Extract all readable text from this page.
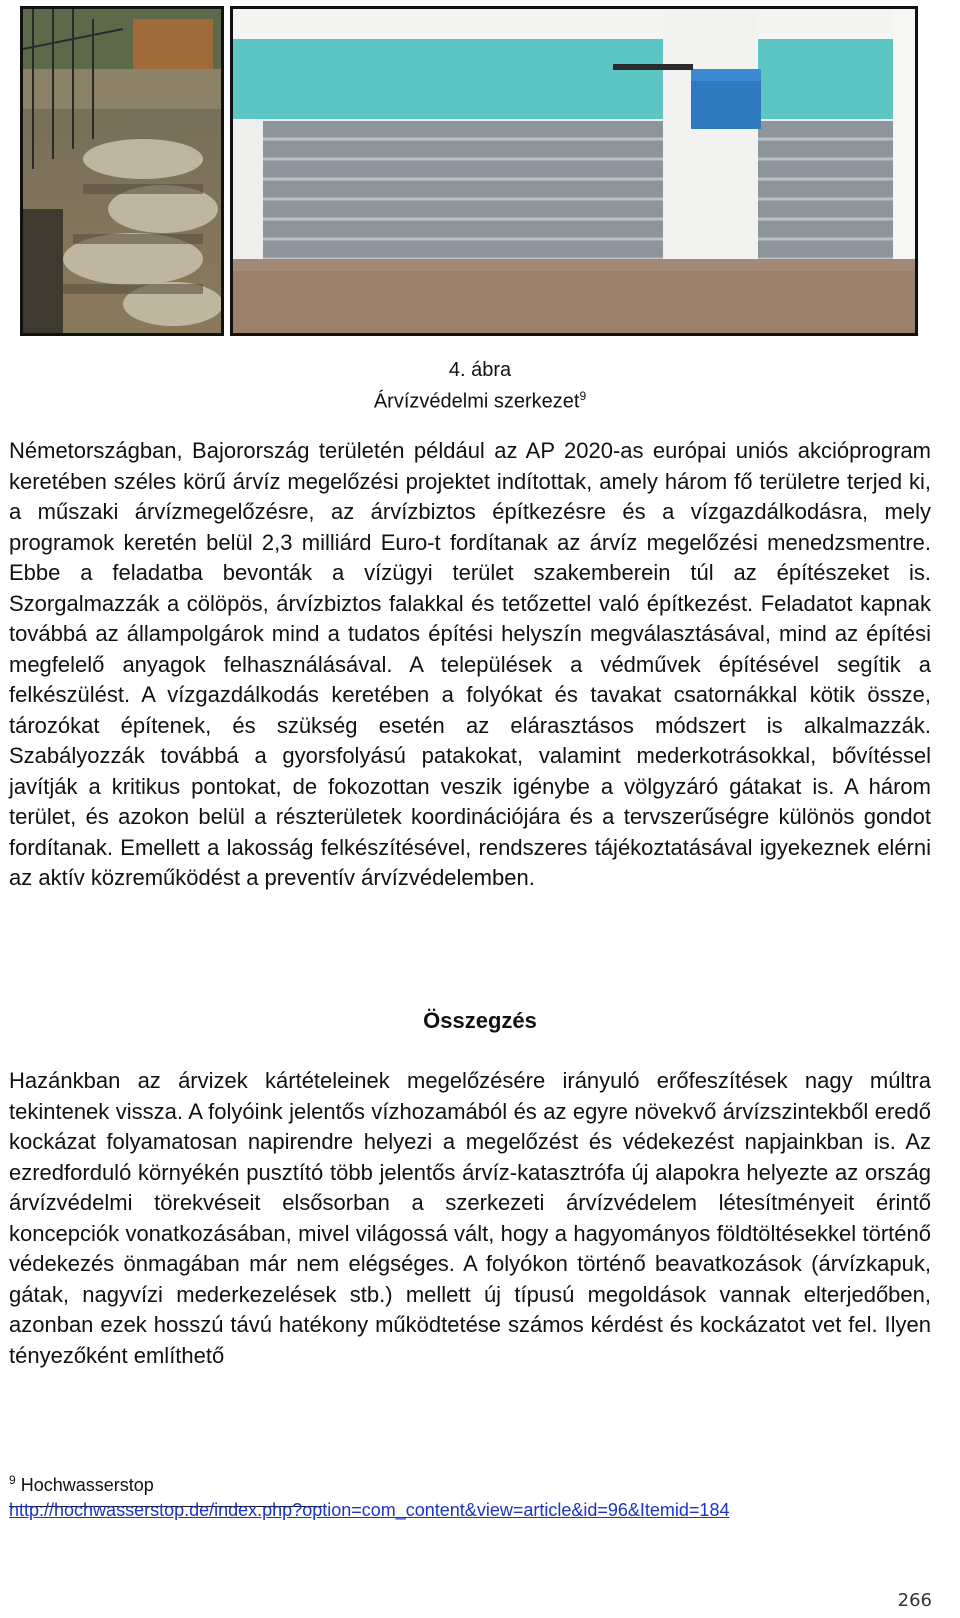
4. ábra
Árvízvédelmi szerkezet$^9$

Németországban, Bajorország területén például az AP 2020-as európai uniós akcióprogram keretében széles körű árvíz megelőzési projektet indítottak, amely három fő területre terjed ki, a műszaki árvízmegelőzésre, az árvízbiztos építkezésre és a vízgazdálkodásra, mely programok keretén belül 2,3 milliárd Euro-t fordítanak az árvíz megelőzési menedzsmentre. Ebbe a feladatba bevonták a vízügyi terület szakemberein túl az építészeket is. Szorgalmazzák a cölöpös, árvízbiztos falakkal és tetőzettel való építkezést. Feladatot kapnak továbbá az állampolgárok mind a tudatos építési helyszín megválasztásával, mind az építési megfelelő anyagok felhasználásával. A települések a védművek építésével segítik a felkészülést. A vízgazdálkodás keretében a folyókat és tavakat csatornákkal kötik össze, tározókat építenek, és szükség esetén az elárasztásos módszert is alkalmazzák. Szabályozzák továbbá a gyorsfolyású patakokat, valamint mederkotrásokkal, bővítéssel javítják a kritikus pontokat, de fokozottan veszik igénybe a völgyzáró gátakat is. A három terület, és azokon belül a részterületek koordinációjára és a tervszerűségre különös gondot fordítanak. Emellett a lakosság felkészítésével, rendszeres tájékoztatásával igyekeznek elérni az aktív közreműködést a preventív árvízvédelemben.

Összegzés

Hazánkban az árvizek kártételeinek megelőzésére irányuló erőfeszítések nagy múltra tekintenek vissza. A folyóink jelentős vízhozamából és az egyre növekvő árvízszintekből eredő kockázat folyamatosan napirendre helyezi a megelőzést és védekezést napjainkban is. Az ezredforduló környékén pusztító több jelentős árvíz-katasztrófa új alapokra helyezte az ország árvízvédelmi törekvéseit elsősorban a szerkezeti árvízvédelem létesítményeit érintő koncepciók vonatkozásában, mivel világossá vált, hogy a hagyományos földtöltésekkel történő védekezés önmagában már nem elégséges. A folyókon történő beavatkozások (árvízkapuk, gátak, nagyvízi mederkezelések stb.) mellett új típusú megoldások vannak elterjedőben, azonban ezek hosszú távú hatékony működtetése számos kérdést és kockázatot vet fel. Ilyen tényezőként említhető

$^9$ Hochwasserstop
http://hochwasserstop.de/index.php?option=com_content&view=article&id=96&Itemid=184
266
